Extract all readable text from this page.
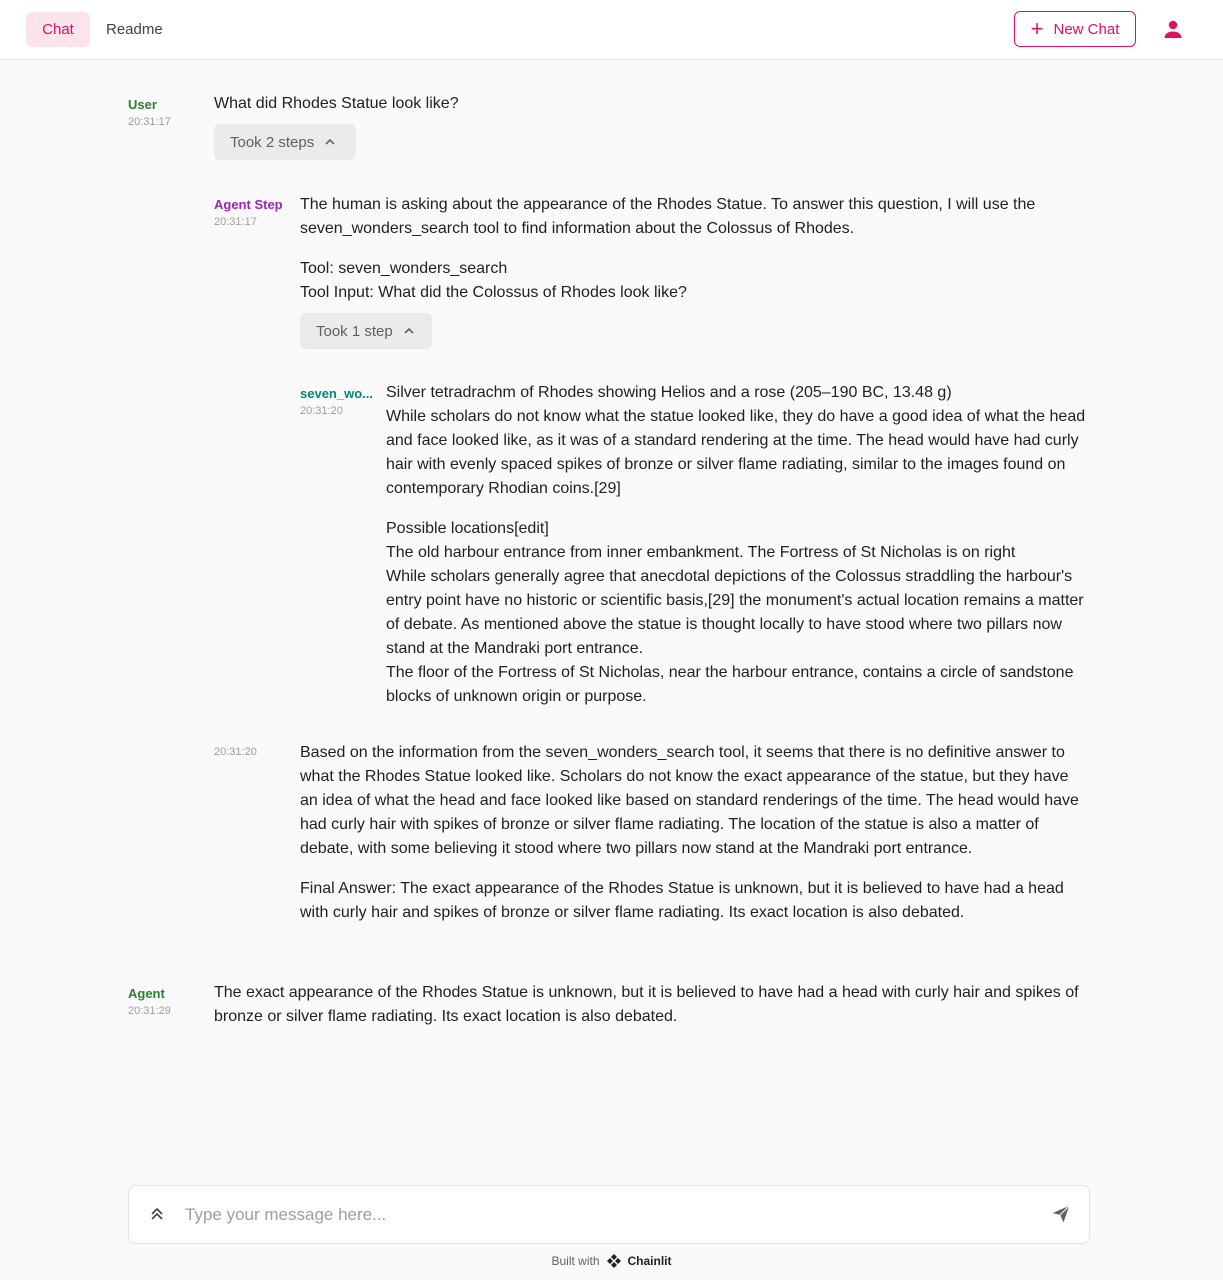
Chat	Readme	+ New Chat
User
20:31:17
What did Rhodes Statue look like?
Took 2 steps
Agent Step
20:31:17
The human is asking about the appearance of the Rhodes Statue. To answer this question, I will use the seven_wonders_search tool to find information about the Colossus of Rhodes.
Tool: seven_wonders_search
Tool Input: What did the Colossus of Rhodes look like?
Took 1 step
seven_wo...
20:31:20
Silver tetradrachm of Rhodes showing Helios and a rose (205–190 BC, 13.48 g)
While scholars do not know what the statue looked like, they do have a good idea of what the head and face looked like, as it was of a standard rendering at the time. The head would have had curly hair with evenly spaced spikes of bronze or silver flame radiating, similar to the images found on contemporary Rhodian coins.[29]
Possible locations[edit]
The old harbour entrance from inner embankment. The Fortress of St Nicholas is on right
While scholars generally agree that anecdotal depictions of the Colossus straddling the harbour's entry point have no historic or scientific basis,[29] the monument's actual location remains a matter of debate. As mentioned above the statue is thought locally to have stood where two pillars now stand at the Mandraki port entrance.
The floor of the Fortress of St Nicholas, near the harbour entrance, contains a circle of sandstone blocks of unknown origin or purpose.
20:31:20	Based on the information from the seven_wonders_search tool, it seems that there is no definitive answer to what the Rhodes Statue looked like. Scholars do not know the exact appearance of the statue, but they have an idea of what the head and face looked like based on standard renderings of the time. The head would have had curly hair with spikes of bronze or silver flame radiating. The location of the statue is also a matter of debate, with some believing it stood where two pillars now stand at the Mandraki port entrance.
Final Answer: The exact appearance of the Rhodes Statue is unknown, but it is believed to have had a head with curly hair and spikes of bronze or silver flame radiating. Its exact location is also debated.
Agent
20:31:29
The exact appearance of the Rhodes Statue is unknown, but it is believed to have had a head with curly hair and spikes of bronze or silver flame radiating. Its exact location is also debated.
Type your message here...
Built with Chainlit
